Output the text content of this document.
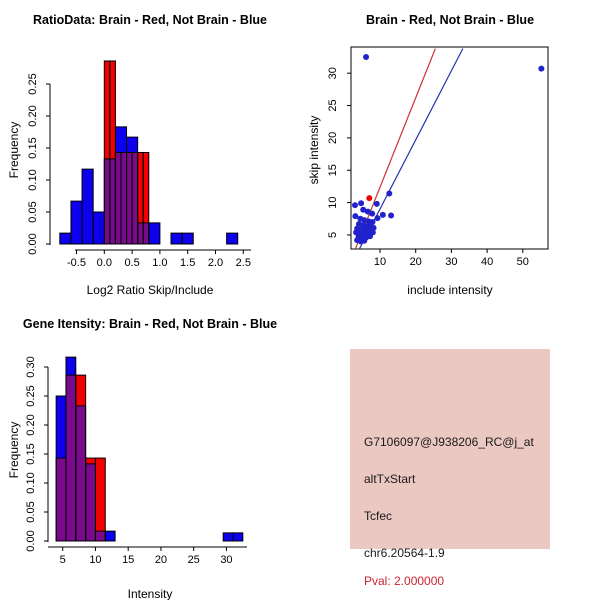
RatioData: Brain - Red, Not Brain - Blue
Frequency
-0.5 0.0 0.5 1.0 1.5 2.0 2.5
0.00
0.05
0.10
0.15
0.20
0.25
Log2 Ratio Skip/Include
Brain - Red, Not Brain - Blue
skip intensity
10 20 30 40 50
5
10
15
20
25
30
include intensity
Gene Itensity: Brain - Red, Not Brain - Blue
Frequency
5 10 15 20 25 30
0.00
0.05
0.10
0.15
0.20
0.25
0.30
Intensity
G7106097@J938206_RC@j_at
altTxStart
Tcfec
chr6.20564-1.9
Pval: 2.000000
